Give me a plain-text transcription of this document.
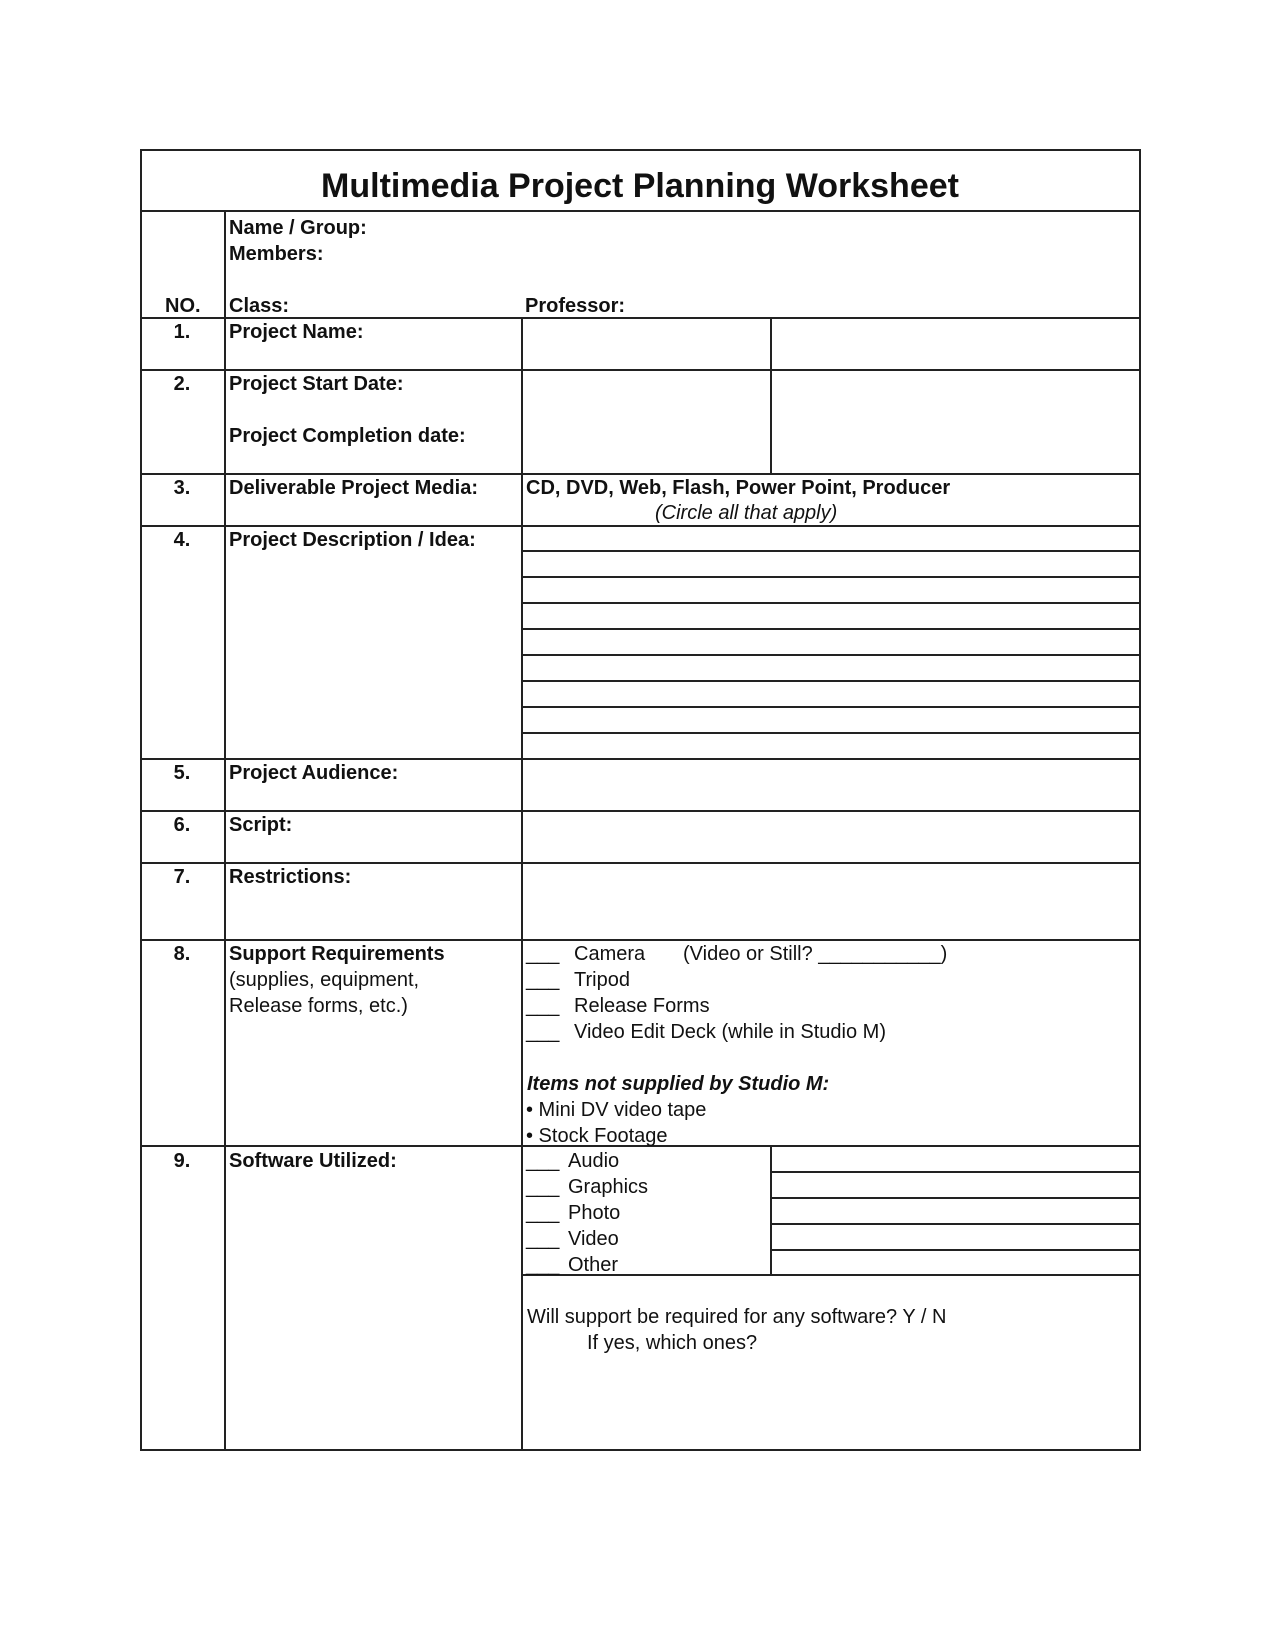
Multimedia Project Planning Worksheet
Name / Group:
Members:
NO. Class:	Professor:
1.	Project Name:
2.	Project Start Date:
Project Completion date:
3.	Deliverable Project Media: CD, DVD, Web, Flash, Power Point, Producer
(Circle all that apply)
4.	Project Description / Idea:
5.	Project Audience:
6.	Script:
7.	Restrictions:
8.	Support Requirements
(supplies, equipment,
Release forms, etc.)
___ Camera (Video or Still? ___________)
___ Tripod
___ Release Forms
___ Video Edit Deck (while in Studio M)
Items not supplied by Studio M:
• Mini DV video tape
• Stock Footage
9.	Software Utilized:	___ Audio
___ Graphics
___ Photo
___ Video
___ Other
Will support be required for any software? Y / N
If yes, which ones?
